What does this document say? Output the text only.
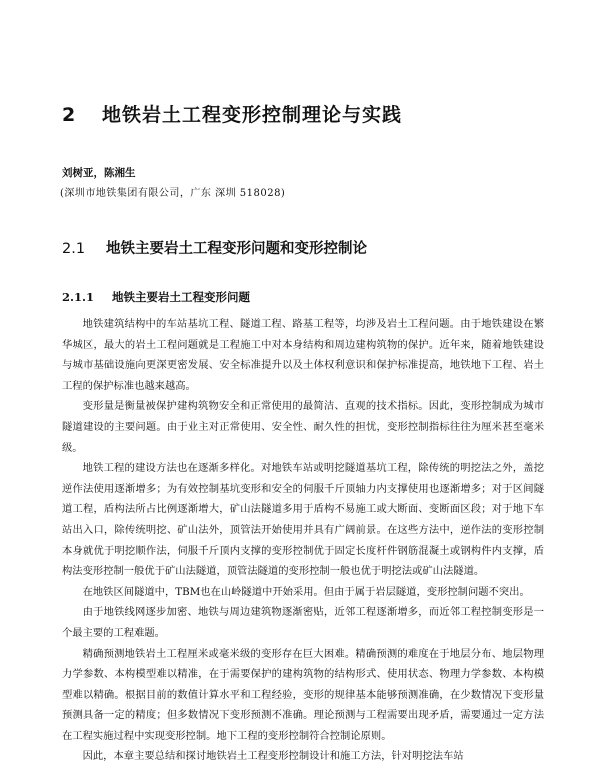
2 地铁岩土工程变形控制理论与实践
刘树亚，陈湘生
(深圳市地铁集团有限公司，广东 深圳 518028)
2.1 地铁主要岩土工程变形问题和变形控制论
2.1.1 地铁主要岩土工程变形问题

地铁建筑结构中的车站基坑工程、隧道工程、路基工程等，均涉及岩土工程问题。由于地铁建设在繁华城区，最大的岩土工程问题就是工程施工中对本身结构和周边建构筑物的保护。近年来，随着地铁建设与城市基础设施向更深更密发展、安全标准提升以及土体权利意识和保护标准提高，地铁地下工程、岩土工程的保护标准也越来越高。

变形量是衡量被保护建构筑物安全和正常使用的最简洁、直观的技术指标。因此，变形控制成为城市隧道建设的主要问题。由于业主对正常使用、安全性、耐久性的担忧，变形控制指标往往为厘米甚至毫米级。

地铁工程的建设方法也在逐渐多样化。对地铁车站或明挖隧道基坑工程，除传统的明挖法之外，盖挖逆作法使用逐渐增多；为有效控制基坑变形和安全的伺服千斤顶轴力内支撑使用也逐渐增多；对于区间隧道工程，盾构法所占比例逐渐增大，矿山法隧道多用于盾构不易施工或大断面、变断面区段；对于地下车站出入口，除传统明挖、矿山法外，顶管法开始使用并具有广阔前景。在这些方法中，逆作法的变形控制本身就优于明挖顺作法，伺服千斤顶内支撑的变形控制优于固定长度杆件钢筋混凝土或钢构件内支撑，盾构法变形控制一般优于矿山法隧道，顶管法隧道的变形控制一般也优于明挖法或矿山法隧道。

在地铁区间隧道中，TBM也在山岭隧道中开始采用。但由于属于岩层隧道，变形控制问题不突出。

由于地铁线网逐步加密、地铁与周边建筑物逐渐密贴，近邻工程逐渐增多，而近邻工程控制变形是一个最主要的工程难题。

精确预测地铁岩土工程厘米或毫米级的变形存在巨大困难。精确预测的难度在于地层分布、地层物理力学参数、本构模型难以精准，在于需要保护的建构筑物的结构形式、使用状态、物理力学参数、本构模型难以精确。根据目前的数值计算水平和工程经验，变形的规律基本能够预测准确，在少数情况下变形量预测具备一定的精度；但多数情况下变形预测不准确。理论预测与工程需要出现矛盾，需要通过一定方法在工程实施过程中实现变形控制。地下工程的变形控制符合控制论原则。

因此，本章主要总结和探讨地铁岩土工程变形控制设计和施工方法，针对明挖法车站
